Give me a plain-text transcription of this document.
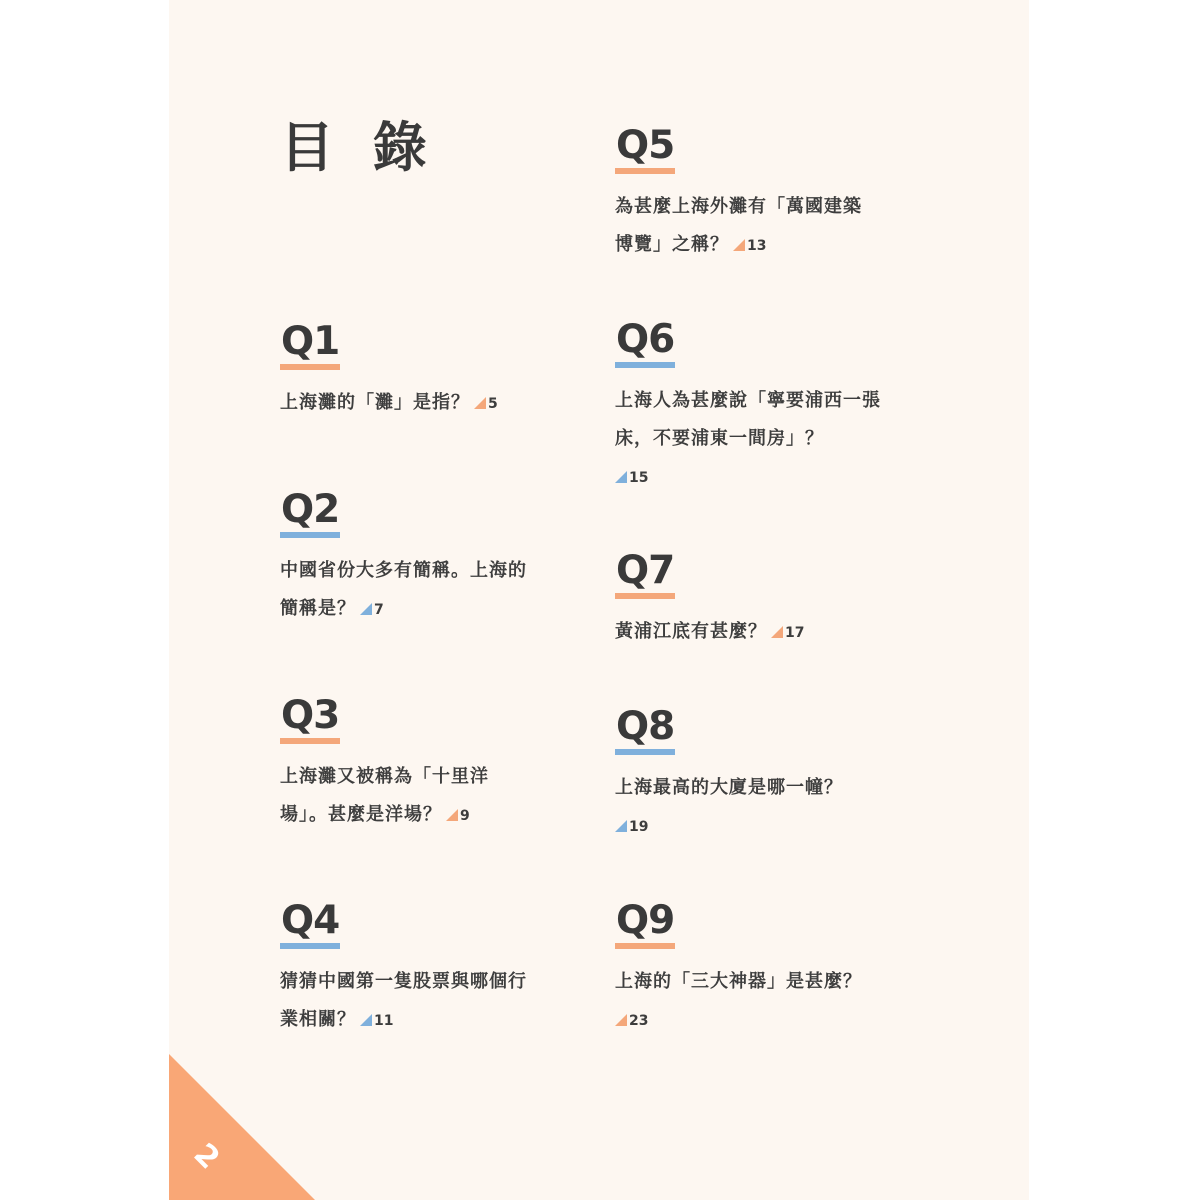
目 錄
Q1
上海灘的「灘」是指？ 5
Q2
中國省份大多有簡稱。上海的簡稱是？ 7
Q3
上海灘又被稱為「十里洋場」。甚麼是洋場？ 9
Q4
猜猜中國第一隻股票與哪個行業相關？ 11
Q5
為甚麼上海外灘有「萬國建築博覽」之稱？ 13
Q6
上海人為甚麼說「寧要浦西一張床，不要浦東一間房」？
15
Q7
黃浦江底有甚麼？ 17
Q8
上海最高的大廈是哪一幢？
19
Q9
上海的「三大神器」是甚麼？
23
2
